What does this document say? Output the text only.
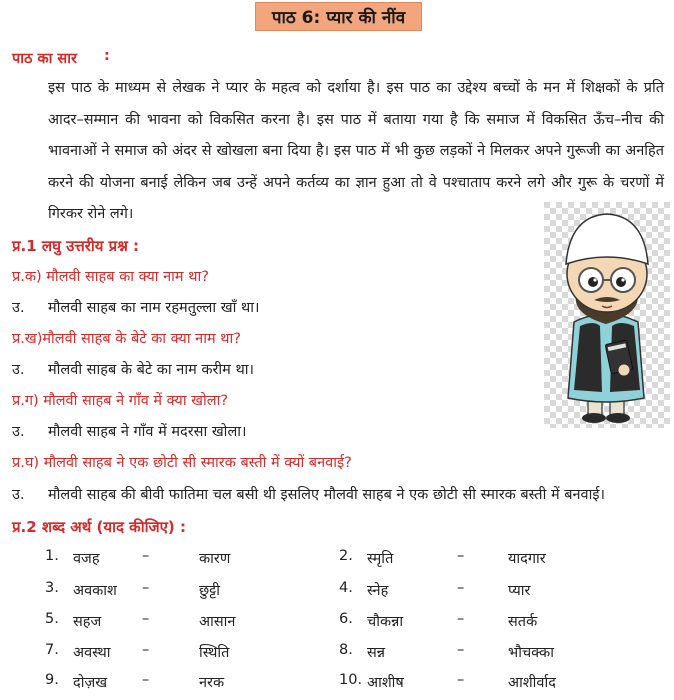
पाठ 6: प्यार की नींव
पाठ का सार :

इस पाठ के माध्यम से लेखक ने प्यार के महत्व को दर्शाया है। इस पाठ का उद्देश्य बच्चों के मन में शिक्षकों के प्रति

आदर–सम्मान की भावना को विकसित करना है। इस पाठ में बताया गया है कि समाज में विकसित ऊँच–नीच की

भावनाओं ने समाज को अंदर से खोखला बना दिया है। इस पाठ में भी कुछ लड़कों ने मिलकर अपने गुरूजी का अनहित

करने की योजना बनाई लेकिन जब उन्हें अपने कर्तव्य का ज्ञान हुआ तो वे पश्चाताप करने लगे और गुरू के चरणों में

गिरकर रोने लगे।

प्र.1 लघु उत्तरीय प्रश्न :
प्र.क) मौलवी साहब का क्या नाम था?
उ. मौलवी साहब का नाम रहमतुल्ला खाँ था।
प्र.ख)मौलवी साहब के बेटे का क्या नाम था?
उ. मौलवी साहब के बेटे का नाम करीम था।
प्र.ग) मौलवी साहब ने गाँव में क्या खोला?
उ. मौलवी साहब ने गाँव में मदरसा खोला।
प्र.घ) मौलवी साहब ने एक छोटी सी स्मारक बस्ती में क्यों बनवाई?
उ. मौलवी साहब की बीवी फातिमा चल बसी थी इसलिए मौलवी साहब ने एक छोटी सी स्मारक बस्ती में बनवाई।
प्र.2 शब्द अर्थ (याद कीजिए) :
1. वजह	–	कारण	2. स्मृति	–	यादगार
3. अवकाश –	छुट्टी	4. स्नेह	–	प्यार
5. सहज	–	आसान	6. चौकन्ना	–	सतर्क
7. अवस्था –	स्थिति	8. सन्न	–	भौचक्का
9. दोज़ख –	नरक	10. आशीष	–	आशीर्वाद
